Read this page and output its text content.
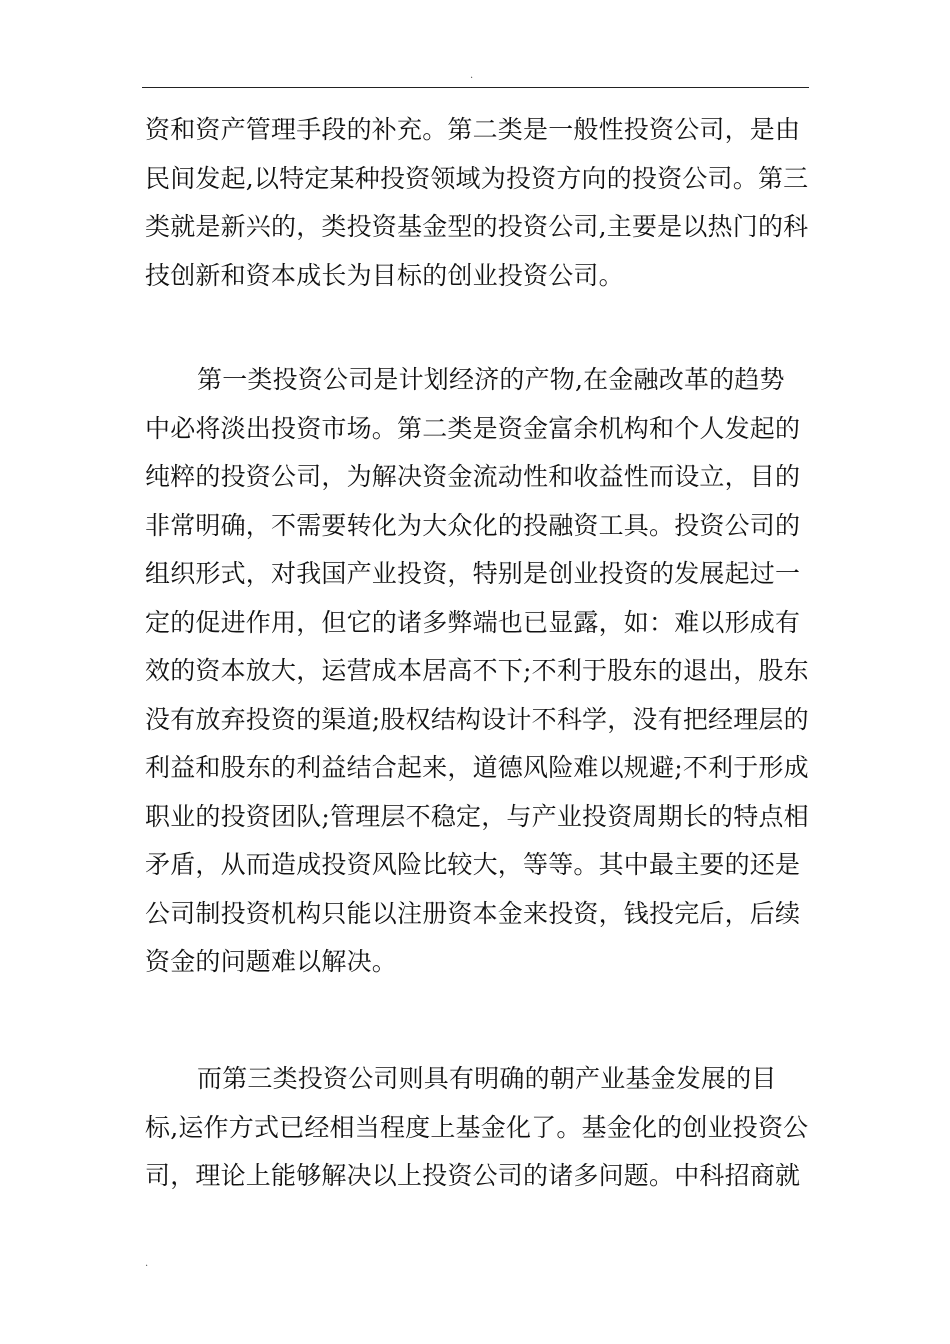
.
资和资产管理手段的补充。第二类是一般性投资公司，是由
民间发起,以特定某种投资领域为投资方向的投资公司。第三
类就是新兴的，类投资基金型的投资公司,主要是以热门的科
技创新和资本成长为目标的创业投资公司。
第一类投资公司是计划经济的产物,在金融改革的趋势
中必将淡出投资市场。第二类是资金富余机构和个人发起的
纯粹的投资公司，为解决资金流动性和收益性而设立，目的
非常明确，不需要转化为大众化的投融资工具。投资公司的
组织形式，对我国产业投资，特别是创业投资的发展起过一
定的促进作用，但它的诸多弊端也已显露，如：难以形成有
效的资本放大，运营成本居高不下;不利于股东的退出，股东
没有放弃投资的渠道;股权结构设计不科学，没有把经理层的
利益和股东的利益结合起来，道德风险难以规避;不利于形成
职业的投资团队;管理层不稳定，与产业投资周期长的特点相
矛盾，从而造成投资风险比较大，等等。其中最主要的还是
公司制投资机构只能以注册资本金来投资，钱投完后，后续
资金的问题难以解决。
而第三类投资公司则具有明确的朝产业基金发展的目
标,运作方式已经相当程度上基金化了。基金化的创业投资公
司，理论上能够解决以上投资公司的诸多问题。中科招商就
.
